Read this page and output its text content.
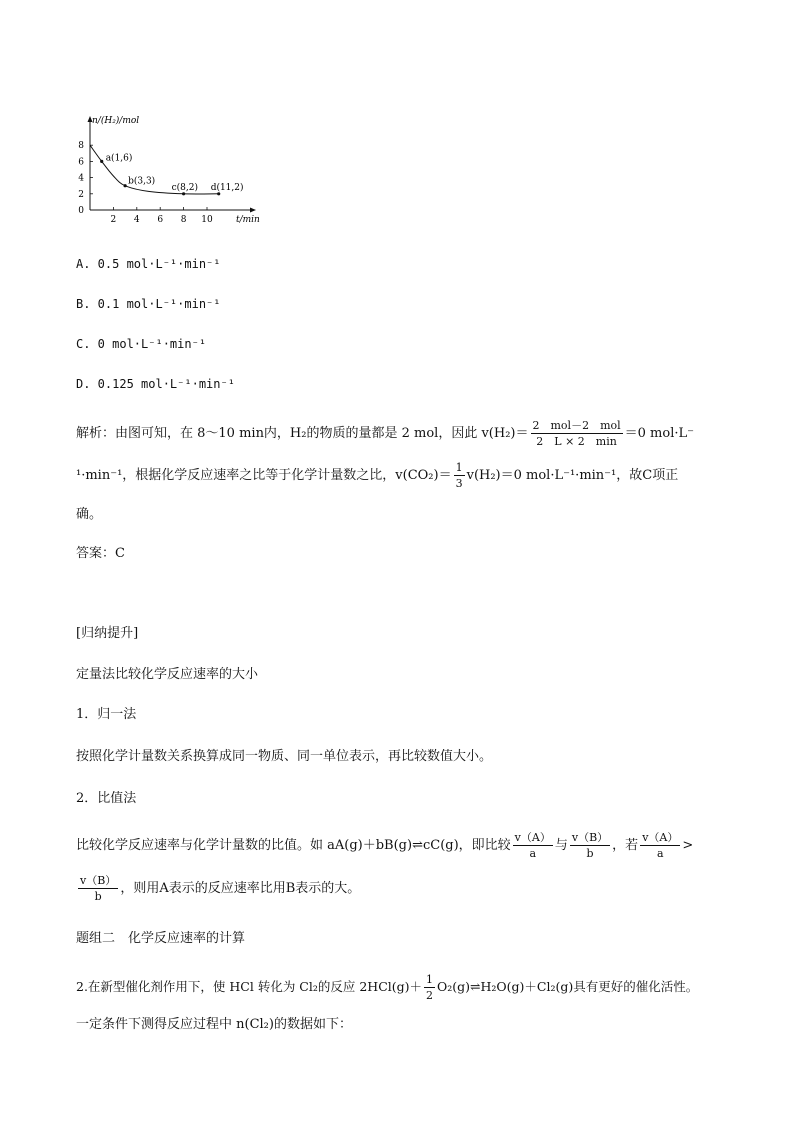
n/(H₂)/mol
t/min
2 4 6 8 10
8
6
4
2
0
a(1,6)
b(3,3)
c(8,2) d(11,2)
A. 0.5 mol·L⁻¹·min⁻¹
B. 0.1 mol·L⁻¹·min⁻¹
C. 0 mol·L⁻¹·min⁻¹
D. 0.125 mol·L⁻¹·min⁻¹
解析：由图可知，在 8～10 min内，H₂的物质的量都是 2 mol，因此 $v(H_2)= \frac{\text{2　mol－2　mol}}{2 L \times 2 \min} =0$ mol·L⁻
¹·min⁻¹，根据化学反应速率之比等于化学计量数之比，$v(CO_2)= \frac{1}{3} v(H_2)=0$ mol·L⁻¹·min⁻¹，故C项正
确。
答案：C
[归纳提升]
定量法比较化学反应速率的大小
1．归一法
按照化学计量数关系换算成同一物质、同一单位表示，再比较数值大小。
2．比值法
比较化学反应速率与化学计量数的比值。如 aA(g)＋bB(g)⇌cC(g)，即比较 $\frac{v(A)}{a}$ 与 $\frac{v(B)}{b}$ ，若 $\frac{v(A)}{a}$ >
$\frac{v(B)}{b}$ ，则用A表示的反应速率比用B表示的大。
题组二　化学反应速率的计算
2.在新型催化剂作用下，使 HCl 转化为 Cl₂的反应 $2HCl(g)+ \frac{1}{2}$ O₂(g)⇌H₂O(g)＋Cl₂(g)具有更好的催化活性。
一定条件下测得反应过程中 n(Cl₂)的数据如下：
